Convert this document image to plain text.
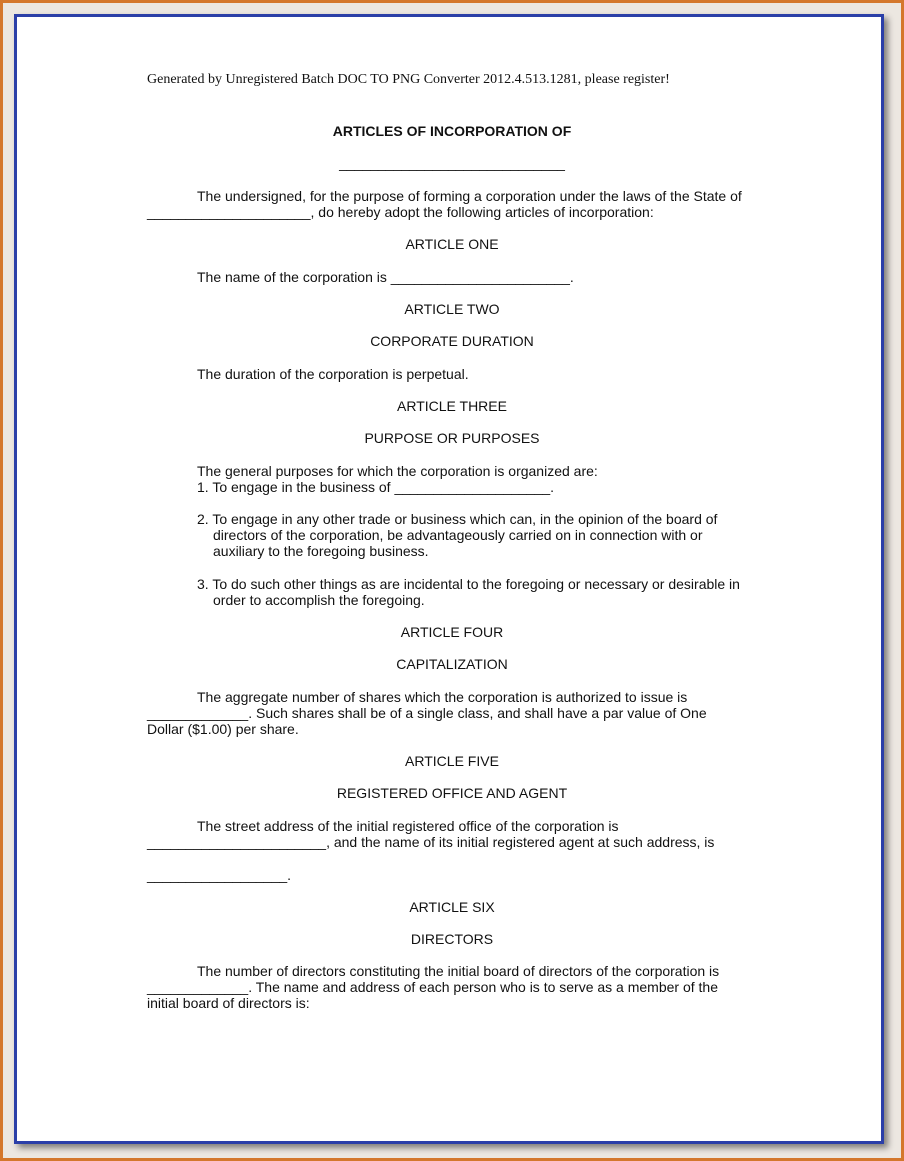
Generated by Unregistered Batch DOC TO PNG Converter 2012.4.513.1281, please register!
ARTICLES OF INCORPORATION OF
_____________________________
The undersigned, for the purpose of forming a corporation under the laws of the State of
_____________________, do hereby adopt the following articles of incorporation:
ARTICLE ONE
The name of the corporation is _______________________.
ARTICLE TWO
CORPORATE DURATION
The duration of the corporation is perpetual.
ARTICLE THREE
PURPOSE OR PURPOSES
The general purposes for which the corporation is organized are:
1. To engage in the business of ____________________.
2. To engage in any other trade or business which can, in the opinion of the board of
directors of the corporation, be advantageously carried on in connection with or
auxiliary to the foregoing business.
3. To do such other things as are incidental to the foregoing or necessary or desirable in
order to accomplish the foregoing.
ARTICLE FOUR
CAPITALIZATION
The aggregate number of shares which the corporation is authorized to issue is
_____________. Such shares shall be of a single class, and shall have a par value of One
Dollar ($1.00) per share.
ARTICLE FIVE
REGISTERED OFFICE AND AGENT
The street address of the initial registered office of the corporation is
_______________________, and the name of its initial registered agent at such address, is
__________________.
ARTICLE SIX
DIRECTORS
The number of directors constituting the initial board of directors of the corporation is
_____________. The name and address of each person who is to serve as a member of the
initial board of directors is:
